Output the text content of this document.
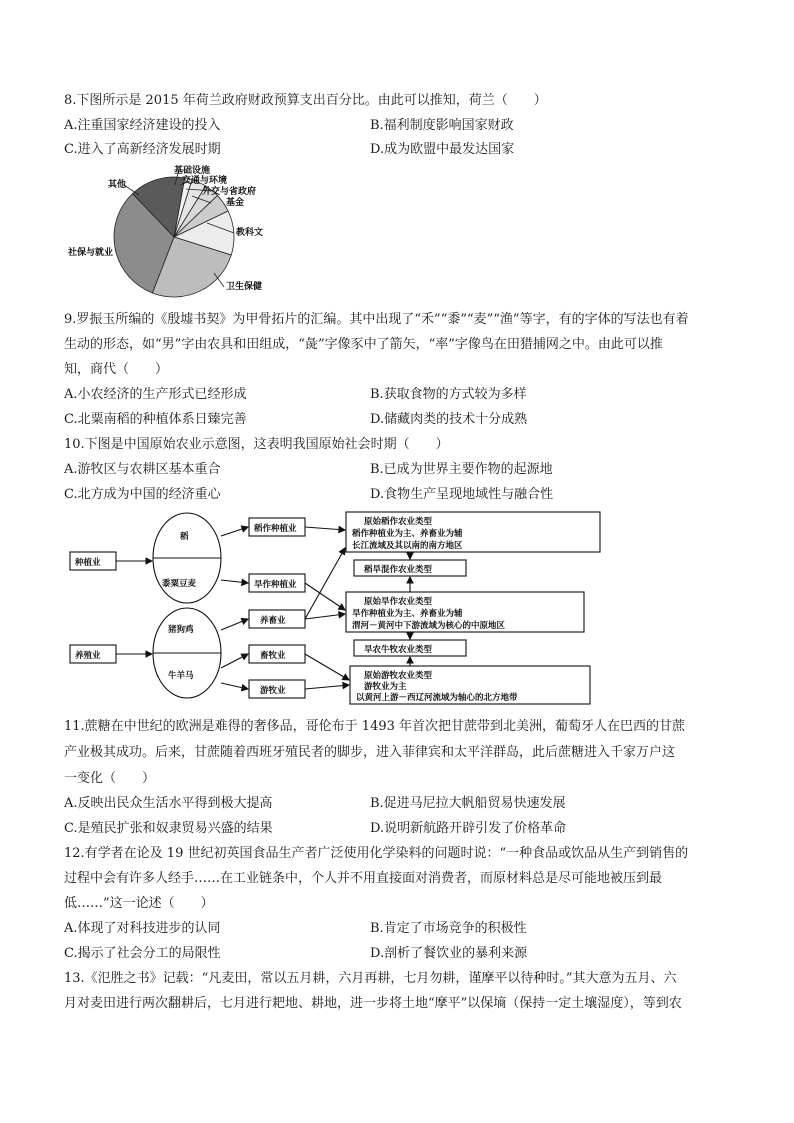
8.下图所示是 2015 年荷兰政府财政预算支出百分比。由此可以推知，荷兰（　　）
A.注重国家经济建设的投入	B.福利制度影响国家财政
C.进入了高新经济发展时期	D.成为欧盟中最发达国家
基础设施
交通与环境
外交与省政府
基金
教科文
卫生保健
社保与就业
其他
9.罗振玉所编的《殷墟书契》为甲骨拓片的汇编。其中出现了“禾”“黍”“麦”“渔”等字，有的字体的写法也有着
生动的形态，如“男”字由农具和田组成，“彘”字像豕中了箭矢，“率”字像鸟在田猎捕网之中。由此可以推
知，商代（　　）
A.小农经济的生产形式已经形成	B.获取食物的方式较为多样
C.北粟南稻的种植体系日臻完善	D.储藏肉类的技术十分成熟
10.下图是中国原始农业示意图，这表明我国原始社会时期（　　）
A.游牧区与农耕区基本重合	B.已成为世界主要作物的起源地
C.北方成为中国的经济重心	D.食物生产呈现地域性与融合性
种植业
养殖业
稻
黍粟豆麦
猪狗鸡
牛羊马
稻作种植业
旱作种植业
养畜业
畜牧业
游牧业
原始稻作农业类型
稻作种植业为主、养畜业为辅
长江流域及其以南的南方地区
稻旱混作农业类型
原始旱作农业类型
旱作种植业为主、养畜业为辅
渭河－黄河中下游流域为核心的中原地区
旱农牛牧农业类型
原始游牧农业类型
游牧业为主
以黄河上游－西辽河流域为轴心的北方地带
11.蔗糖在中世纪的欧洲是难得的奢侈品，哥伦布于 1493 年首次把甘蔗带到北美洲，葡萄牙人在巴西的甘蔗
产业极其成功。后来，甘蔗随着西班牙殖民者的脚步，进入菲律宾和太平洋群岛，此后蔗糖进入千家万户这
一变化（　　）
A.反映出民众生活水平得到极大提高	B.促进马尼拉大帆船贸易快速发展
C.是殖民扩张和奴隶贸易兴盛的结果	D.说明新航路开辟引发了价格革命
12.有学者在论及 19 世纪初英国食品生产者广泛使用化学染料的问题时说：“一种食品或饮品从生产到销售的
过程中会有许多人经手……在工业链条中，个人并不用直接面对消费者，而原材料总是尽可能地被压到最
低……”这一论述（　　）
A.体现了对科技进步的认同	B.肯定了市场竞争的积极性
C.揭示了社会分工的局限性	D.剖析了餐饮业的暴利来源
13.《氾胜之书》记载：“凡麦田，常以五月耕，六月再耕，七月勿耕，谨摩平以待种时。”其大意为五月、六
月对麦田进行两次翻耕后，七月进行耙地、耕地，进一步将土地“摩平”以保墒（保持一定土壤湿度），等到农
